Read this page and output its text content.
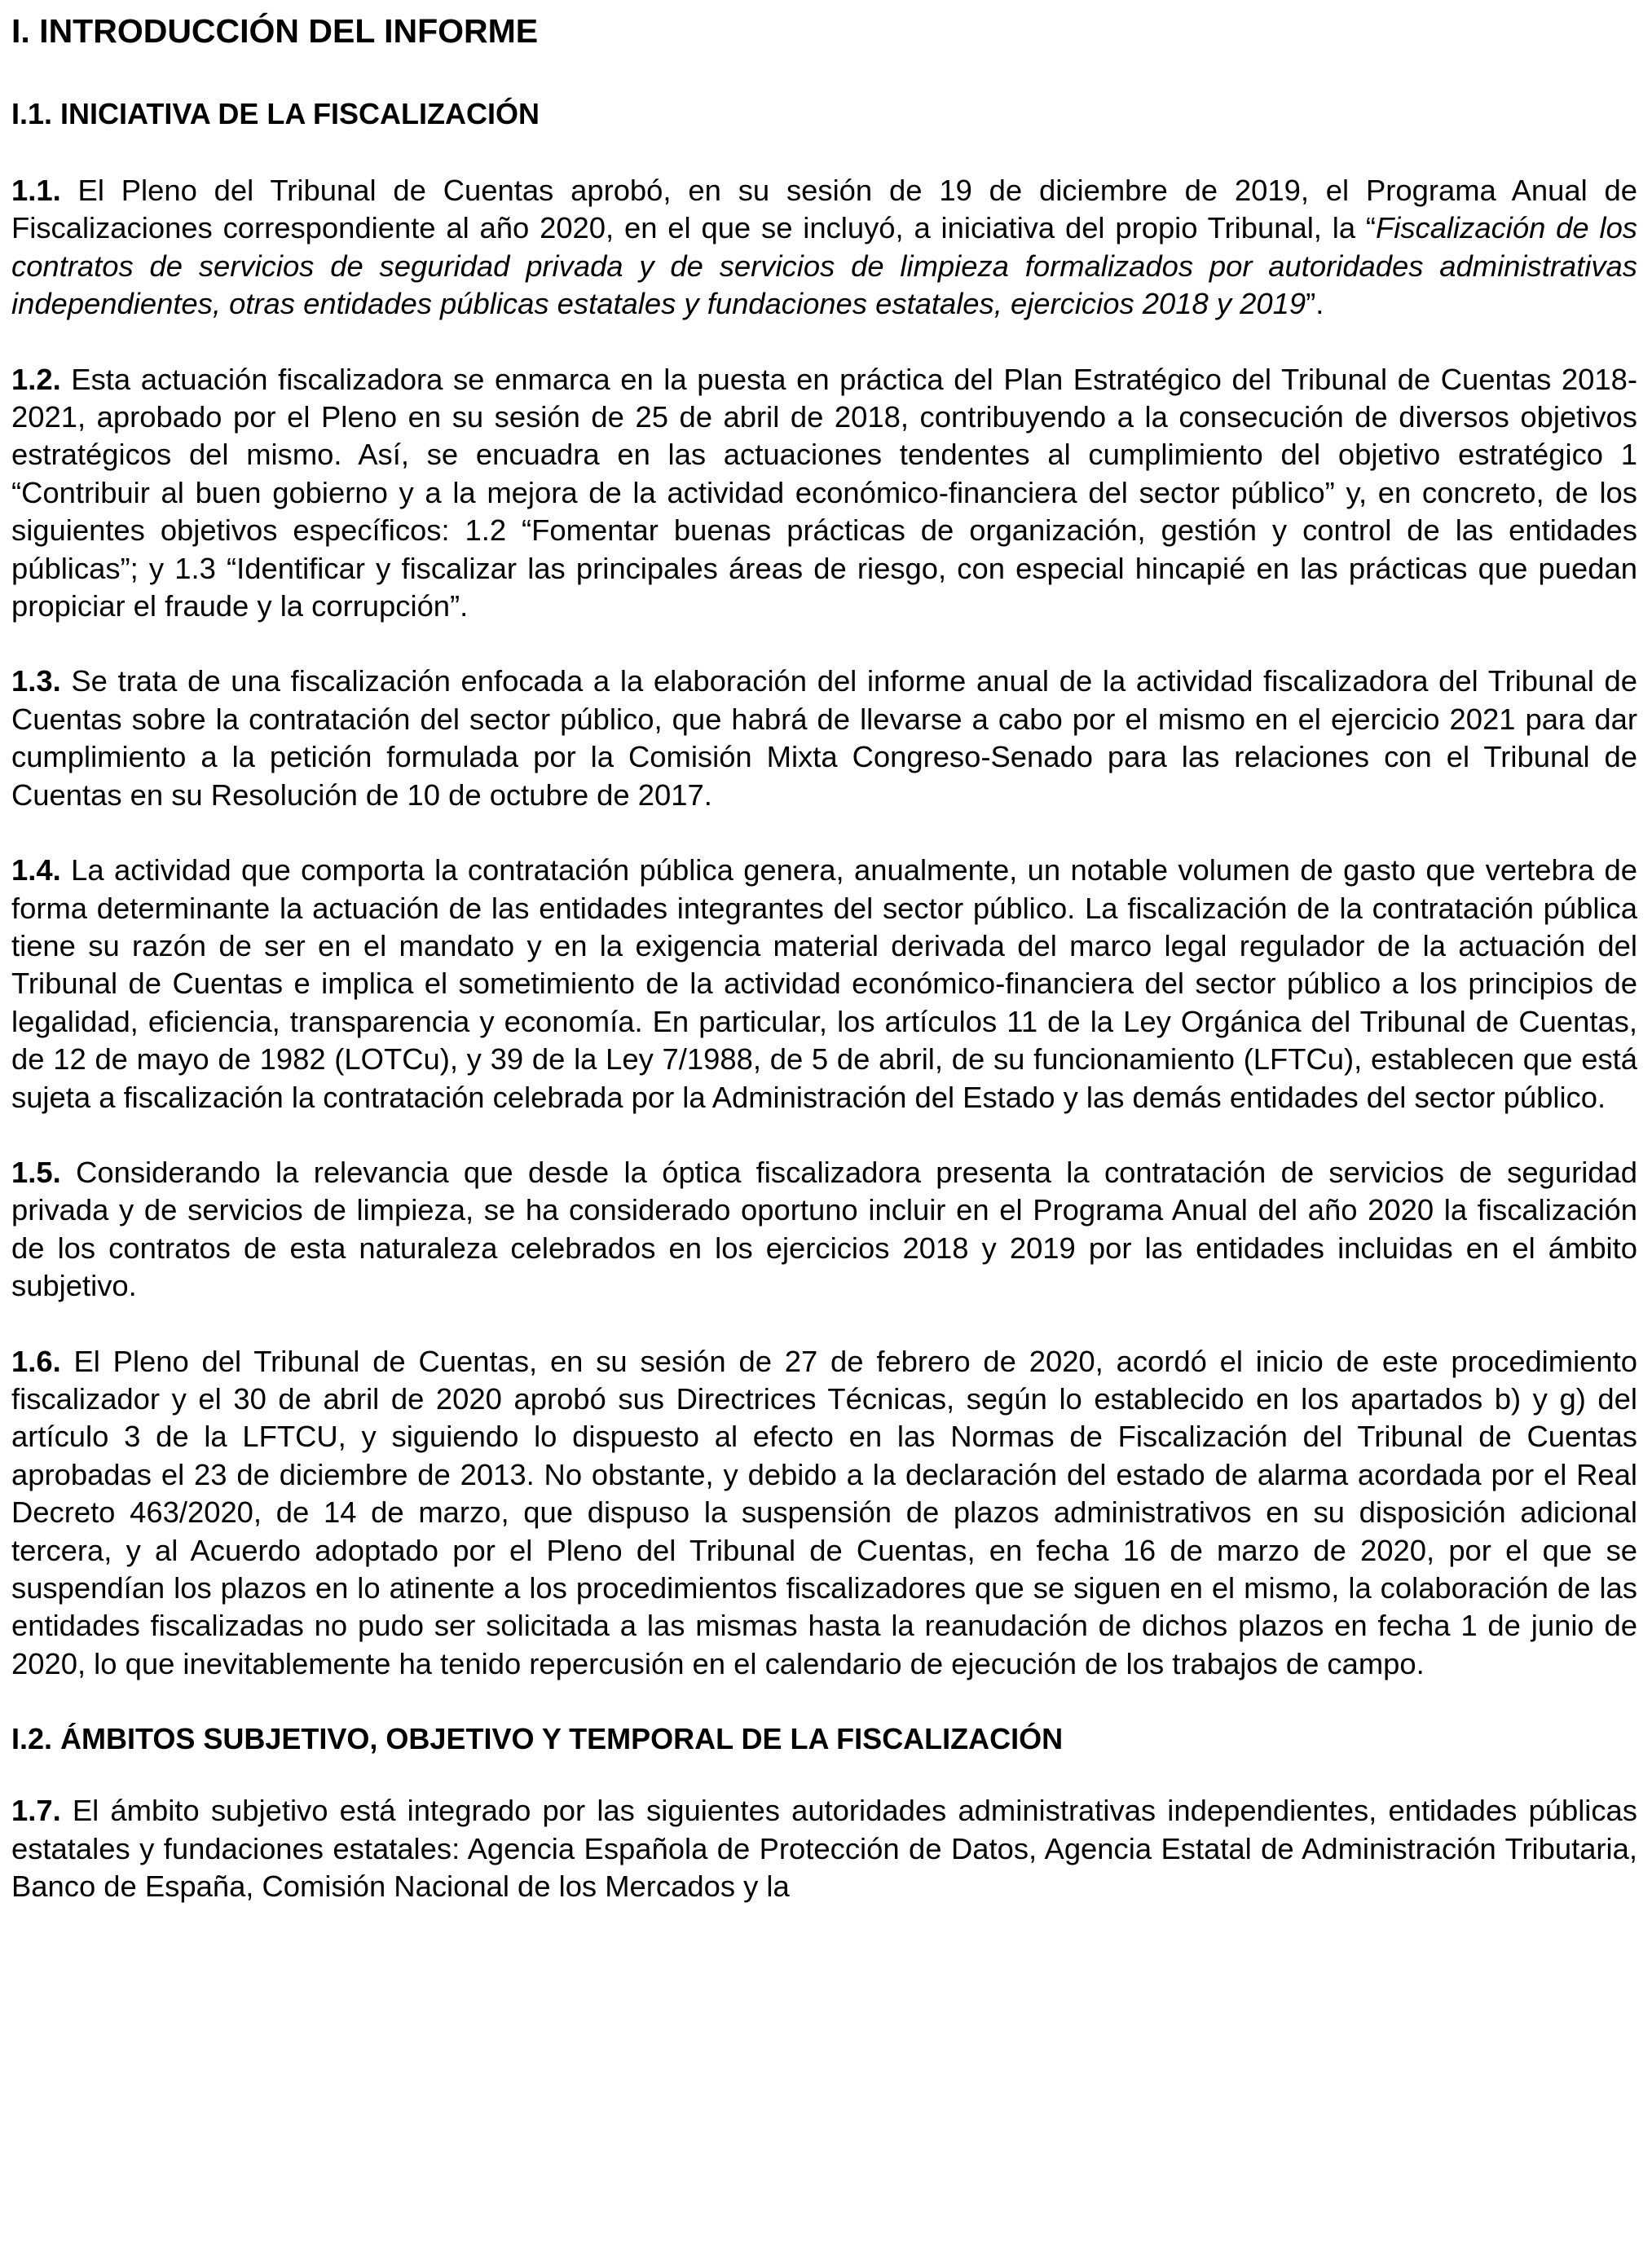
I. INTRODUCCIÓN DEL INFORME
I.1. INICIATIVA DE LA FISCALIZACIÓN

1.1. El Pleno del Tribunal de Cuentas aprobó, en su sesión de 19 de diciembre de 2019, el Programa Anual de Fiscalizaciones correspondiente al año 2020, en el que se incluyó, a iniciativa del propio Tribunal, la “Fiscalización de los contratos de servicios de seguridad privada y de servicios de limpieza formalizados por autoridades administrativas independientes, otras entidades públicas estatales y fundaciones estatales, ejercicios 2018 y 2019”.

1.2. Esta actuación fiscalizadora se enmarca en la puesta en práctica del Plan Estratégico del Tribunal de Cuentas 2018-2021, aprobado por el Pleno en su sesión de 25 de abril de 2018, contribuyendo a la consecución de diversos objetivos estratégicos del mismo. Así, se encuadra en las actuaciones tendentes al cumplimiento del objetivo estratégico 1 “Contribuir al buen gobierno y a la mejora de la actividad económico-financiera del sector público” y, en concreto, de los siguientes objetivos específicos: 1.2 “Fomentar buenas prácticas de organización, gestión y control de las entidades públicas”; y 1.3 “Identificar y fiscalizar las principales áreas de riesgo, con especial hincapié en las prácticas que puedan propiciar el fraude y la corrupción”.

1.3. Se trata de una fiscalización enfocada a la elaboración del informe anual de la actividad fiscalizadora del Tribunal de Cuentas sobre la contratación del sector público, que habrá de llevarse a cabo por el mismo en el ejercicio 2021 para dar cumplimiento a la petición formulada por la Comisión Mixta Congreso-Senado para las relaciones con el Tribunal de Cuentas en su Resolución de 10 de octubre de 2017.

1.4. La actividad que comporta la contratación pública genera, anualmente, un notable volumen de gasto que vertebra de forma determinante la actuación de las entidades integrantes del sector público. La fiscalización de la contratación pública tiene su razón de ser en el mandato y en la exigencia material derivada del marco legal regulador de la actuación del Tribunal de Cuentas e implica el sometimiento de la actividad económico-financiera del sector público a los principios de legalidad, eficiencia, transparencia y economía. En particular, los artículos 11 de la Ley Orgánica del Tribunal de Cuentas, de 12 de mayo de 1982 (LOTCu), y 39 de la Ley 7/1988, de 5 de abril, de su funcionamiento (LFTCu), establecen que está sujeta a fiscalización la contratación celebrada por la Administración del Estado y las demás entidades del sector público.

1.5. Considerando la relevancia que desde la óptica fiscalizadora presenta la contratación de servicios de seguridad privada y de servicios de limpieza, se ha considerado oportuno incluir en el Programa Anual del año 2020 la fiscalización de los contratos de esta naturaleza celebrados en los ejercicios 2018 y 2019 por las entidades incluidas en el ámbito subjetivo.

1.6. El Pleno del Tribunal de Cuentas, en su sesión de 27 de febrero de 2020, acordó el inicio de este procedimiento fiscalizador y el 30 de abril de 2020 aprobó sus Directrices Técnicas, según lo establecido en los apartados b) y g) del artículo 3 de la LFTCU, y siguiendo lo dispuesto al efecto en las Normas de Fiscalización del Tribunal de Cuentas aprobadas el 23 de diciembre de 2013. No obstante, y debido a la declaración del estado de alarma acordada por el Real Decreto 463/2020, de 14 de marzo, que dispuso la suspensión de plazos administrativos en su disposición adicional tercera, y al Acuerdo adoptado por el Pleno del Tribunal de Cuentas, en fecha 16 de marzo de 2020, por el que se suspendían los plazos en lo atinente a los procedimientos fiscalizadores que se siguen en el mismo, la colaboración de las entidades fiscalizadas no pudo ser solicitada a las mismas hasta la reanudación de dichos plazos en fecha 1 de junio de 2020, lo que inevitablemente ha tenido repercusión en el calendario de ejecución de los trabajos de campo.

I.2. ÁMBITOS SUBJETIVO, OBJETIVO Y TEMPORAL DE LA FISCALIZACIÓN

1.7. El ámbito subjetivo está integrado por las siguientes autoridades administrativas independientes, entidades públicas estatales y fundaciones estatales: Agencia Española de Protección de Datos, Agencia Estatal de Administración Tributaria, Banco de España, Comisión Nacional de los Mercados y la
